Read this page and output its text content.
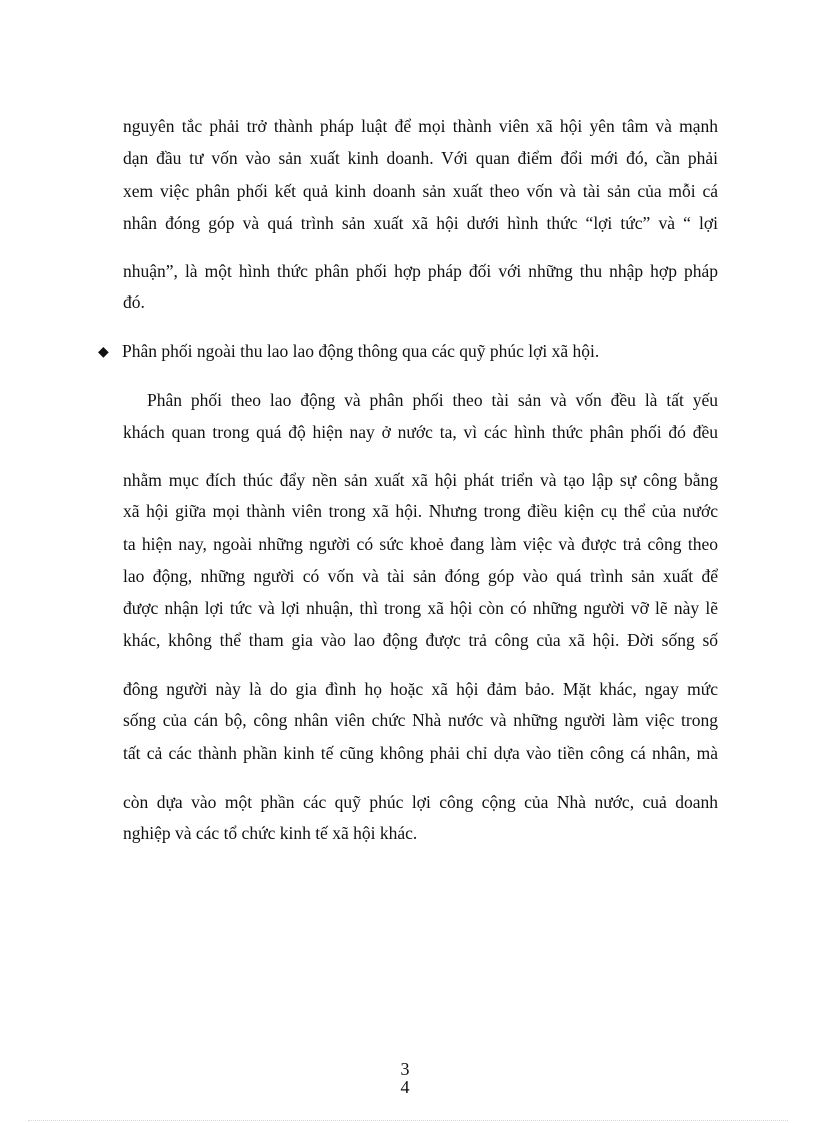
nguyên tắc phải trở thành pháp luật để mọi thành viên xã hội yên tâm và mạnh
dạn đầu tư vốn vào sản xuất kinh doanh. Với quan điểm đổi mới đó, cần phải
xem việc phân phối kết quả kinh doanh sản xuất theo vốn và tài sản của mỗi cá
nhân đóng góp và quá trình sản xuất xã hội dưới hình thức “lợi tức” và “ lợi
nhuận”, là một hình thức phân phối hợp pháp đối với những thu nhập hợp pháp
đó.
◆ Phân phối ngoài thu lao lao động thông qua các quỹ phúc lợi xã hội.
Phân phối theo lao động và phân phối theo tài sản và vốn đều là tất yếu
khách quan trong quá độ hiện nay ở nước ta, vì các hình thức phân phối đó đều
nhằm mục đích thúc đẩy nền sản xuất xã hội phát triển và tạo lập sự công bằng
xã hội giữa mọi thành viên trong xã hội. Nhưng trong điều kiện cụ thể của nước
ta hiện nay, ngoài những người có sức khoẻ đang làm việc và được trả công theo
lao động, những người có vốn và tài sản đóng góp vào quá trình sản xuất để
được nhận lợi tức và lợi nhuận, thì trong xã hội còn có những người vỡ lẽ này lẽ
khác, không thể tham gia vào lao động được trả công của xã hội. Đời sống số
đông người này là do gia đình họ hoặc xã hội đảm bảo. Mặt khác, ngay mức
sống của cán bộ, công nhân viên chức Nhà nước và những người làm việc trong
tất cả các thành phần kinh tế cũng không phải chỉ dựa vào tiền công cá nhân, mà
còn dựa vào một phần các quỹ phúc lợi công cộng của Nhà nước, cuả doanh
nghiệp và các tổ chức kinh tế xã hội khác.
3
4
